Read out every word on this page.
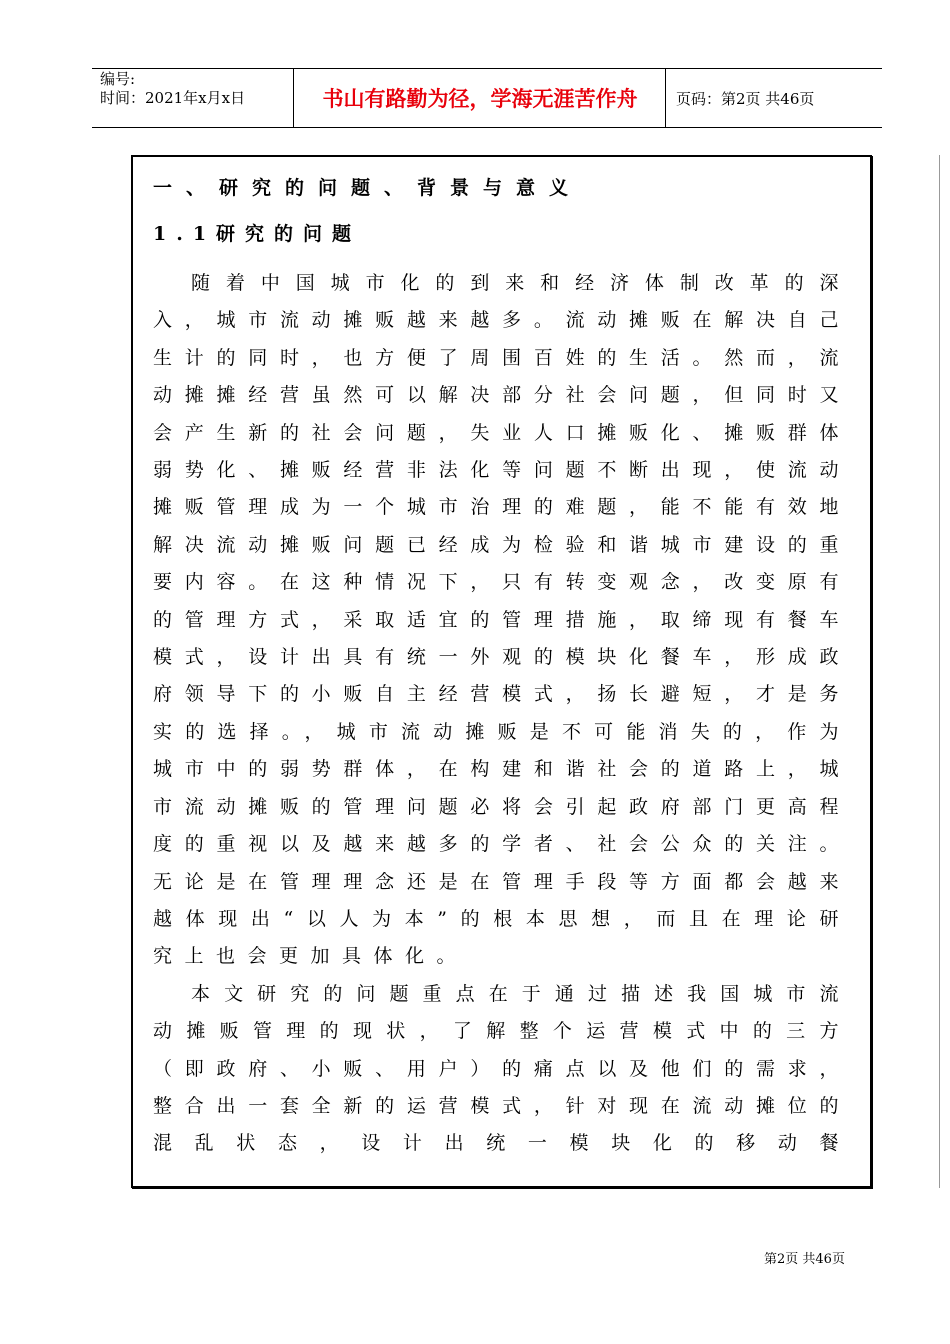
编号:
时间：2021年x月x日	书山有路勤为径，学海无涯苦作舟	页码：第2页 共46页
一、研究的问题、背景与意义
1.1研究的问题

随着中国城市化的到来和经济体制改革的深入，城市流动摊贩越来越多。流动摊贩在解决自己生计的同时，也方便了周围百姓的生活。然而，流动摊摊经营虽然可以解决部分社会问题，但同时又会产生新的社会问题，失业人口摊贩化、摊贩群体弱势化、摊贩经营非法化等问题不断出现，使流动摊贩管理成为一个城市治理的难题，能不能有效地解决流动摊贩问题已经成为检验和谐城市建设的重要内容。在这种情况下，只有转变观念，改变原有的管理方式，采取适宜的管理措施，取缔现有餐车模式，设计出具有统一外观的模块化餐车，形成政府领导下的小贩自主经营模式，扬长避短，才是务实的选择。，城市流动摊贩是不可能消失的，作为城市中的弱势群体，在构建和谐社会的道路上，城市流动摊贩的管理问题必将会引起政府部门更高程度的重视以及越来越多的学者、社会公众的关注。无论是在管理理念还是在管理手段等方面都会越来越体现出“以人为本”的根本思想，而且在理论研究上也会更加具体化。

本文研究的问题重点在于通过描述我国城市流动摊贩管理的现状，了解整个运营模式中的三方（即政府、小贩、用户）的痛点以及他们的需求，整合出一套全新的运营模式，针对现在流动摊位的混乱状态，设计出统一模块化的移动餐

第2页 共46页
